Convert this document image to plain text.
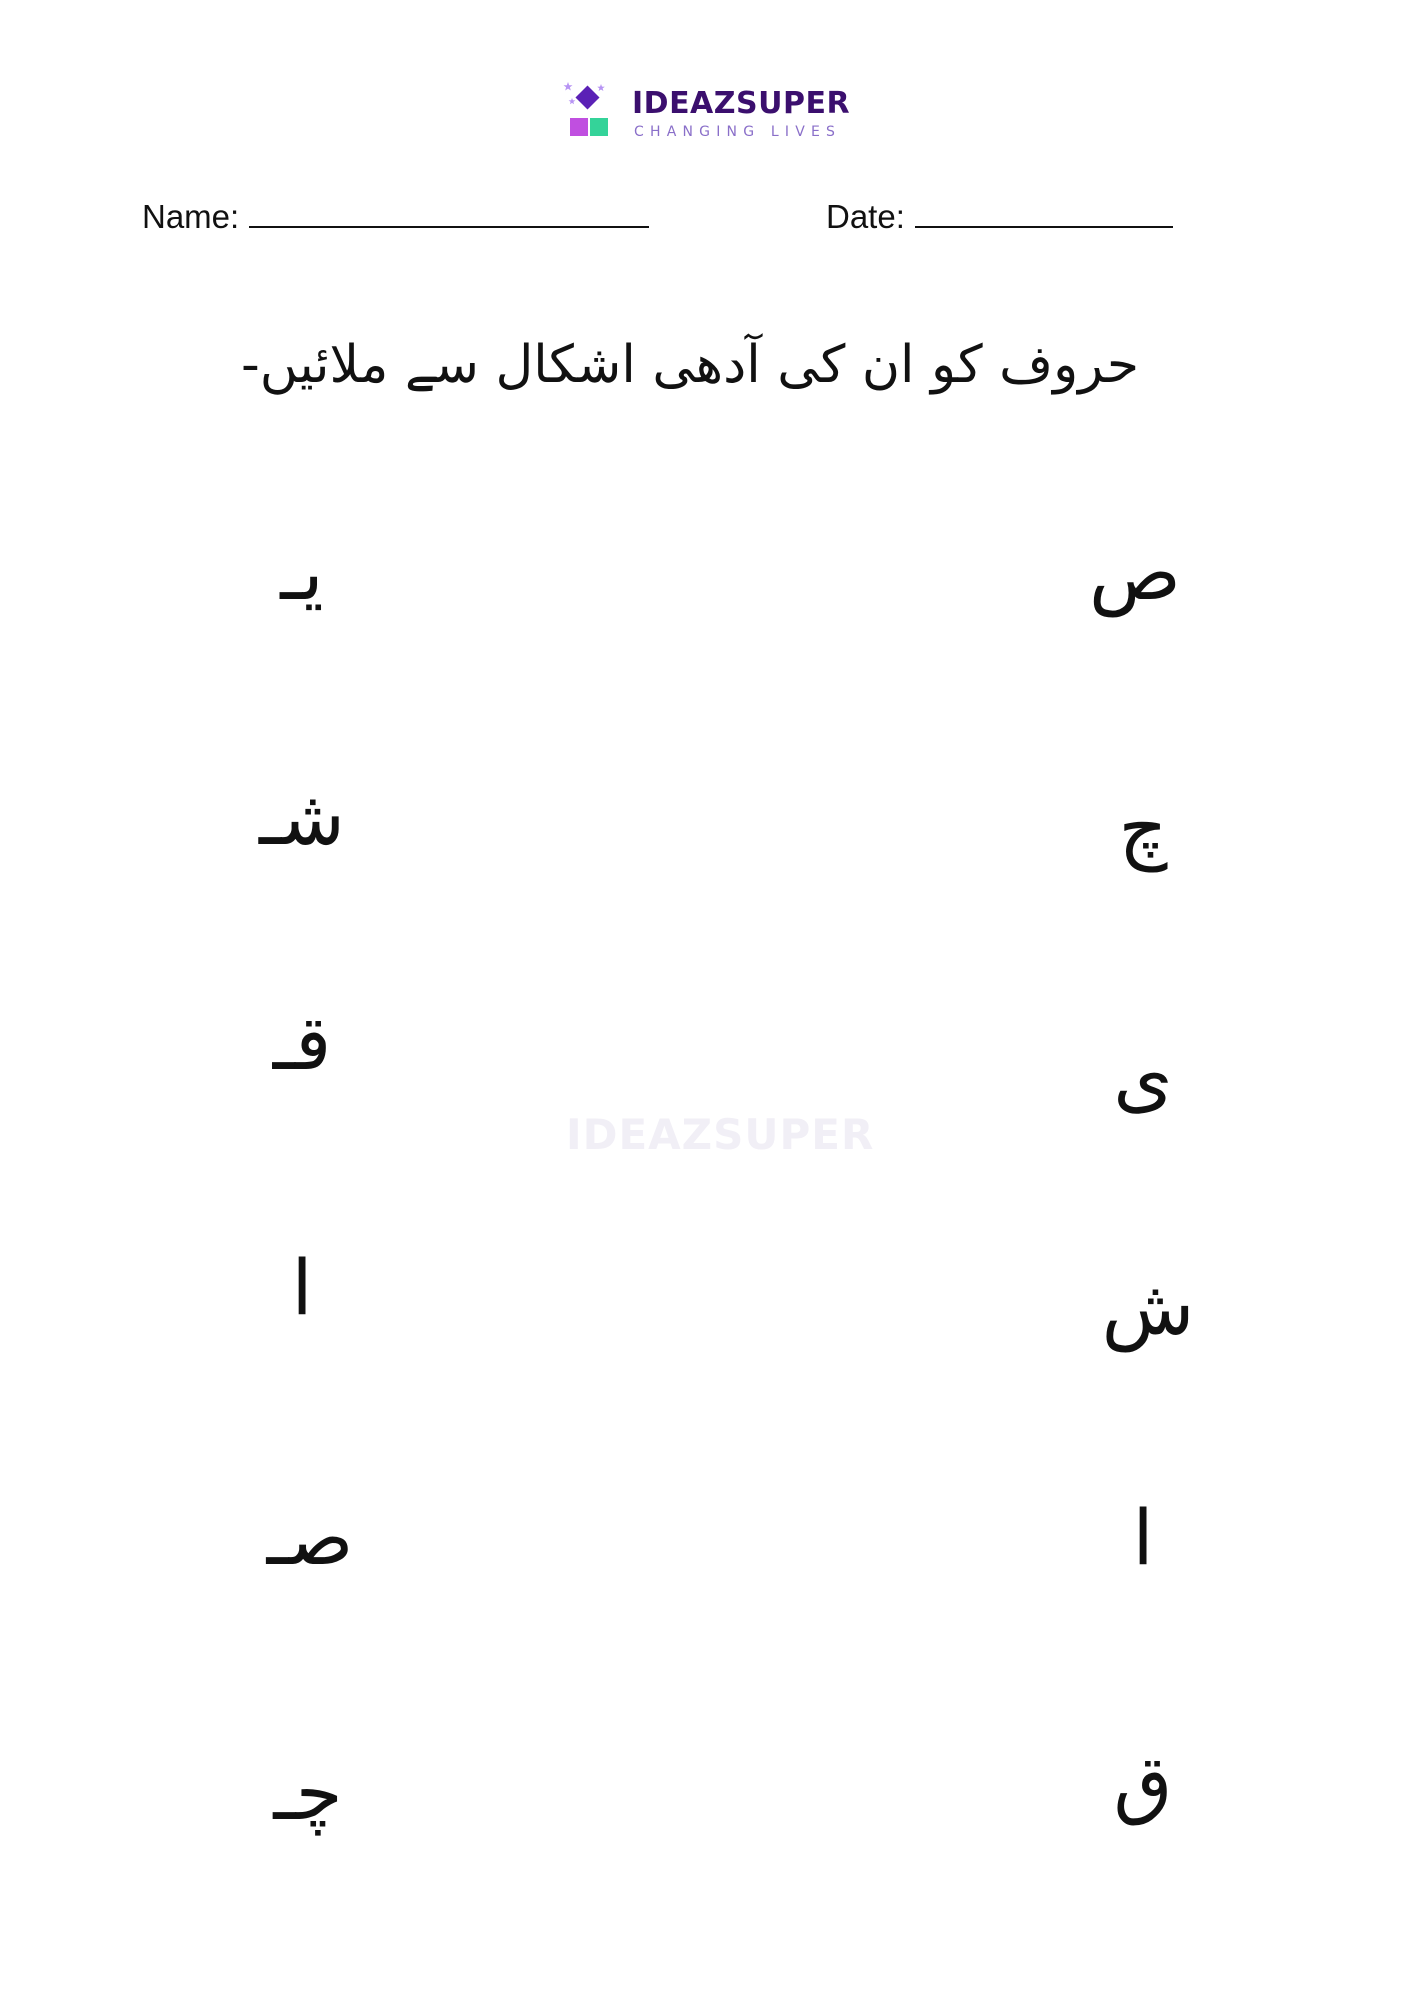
IDEAZSUPER
CHANGING LIVES
Name:	Date:
حروف کو ان کی آدھی اشکال سے ملائیں-
يـ
شـ
قـ
ا
صـ
چـ
ص
چ
ی
ش
ا
ق
IDEAZSUPER
